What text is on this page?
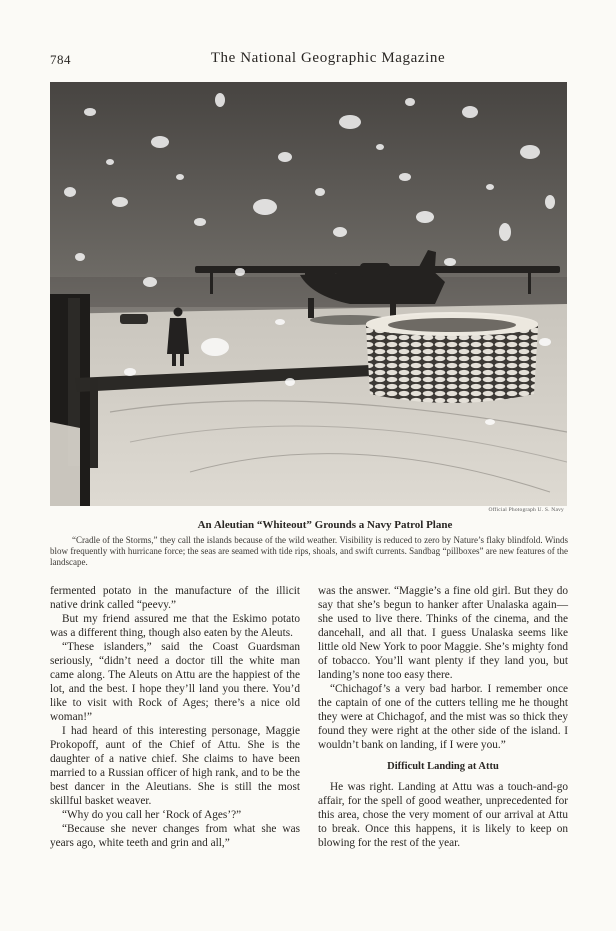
784	The National Geographic Magazine
Official Photograph U. S. Navy
An Aleutian “Whiteout” Grounds a Navy Patrol Plane
“Cradle of the Storms,” they call the islands because of the wild weather. Visibility is reduced to zero by Nature’s flaky blindfold. Winds blow frequently with hurricane force; the seas are seamed with tide rips, shoals, and swift currents. Sandbag “pillboxes” are new features of the landscape.

fermented potato in the manufacture of the illicit native drink called “peevy.”

But my friend assured me that the Eskimo potato was a different thing, though also eaten by the Aleuts.

“These islanders,” said the Coast Guardsman seriously, “didn’t need a doctor till the white man came along. The Aleuts on Attu are the happiest of the lot, and the best. I hope they’ll land you there. You’d like to visit with Rock of Ages; there’s a nice old woman!”

I had heard of this interesting personage, Maggie Prokopoff, aunt of the Chief of Attu. She is the daughter of a native chief. She claims to have been married to a Russian officer of high rank, and to be the best dancer in the Aleutians. She is still the most skillful basket weaver.

“Why do you call her ‘Rock of Ages’?”

“Because she never changes from what she was years ago, white teeth and grin and all,”

was the answer. “Maggie’s a fine old girl. But they do say that she’s begun to hanker after Unalaska again—she used to live there. Thinks of the cinema, and the dancehall, and all that. I guess Unalaska seems like little old New York to poor Maggie. She’s mighty fond of tobacco. You’ll want plenty if they land you, but landing’s none too easy there.

“Chichagof’s a very bad harbor. I remember once the captain of one of the cutters telling me he thought they were at Chichagof, and the mist was so thick they found they were right at the other side of the island. I wouldn’t bank on landing, if I were you.”

Difficult Landing at Attu

He was right. Landing at Attu was a touch-and-go affair, for the spell of good weather, unprecedented for this area, chose the very moment of our arrival at Attu to break. Once this happens, it is likely to keep on blowing for the rest of the year.
